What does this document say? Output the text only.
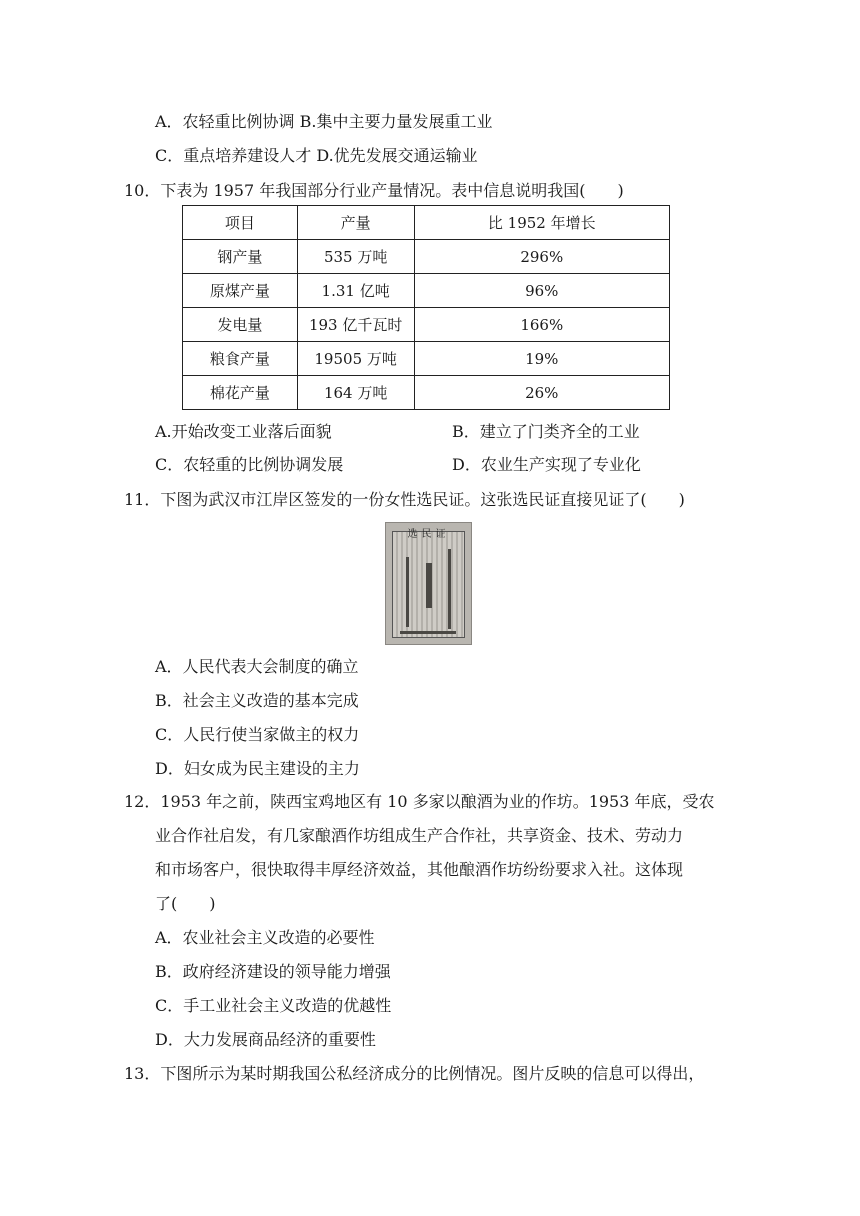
A．农轻重比例协调 B.集中主要力量发展重工业
C．重点培养建设人才 D.优先发展交通运输业
10．下表为 1957 年我国部分行业产量情况。表中信息说明我国(　　)
项目	产量	比 1952 年增长
钢产量	535 万吨	296%
原煤产量	1.31 亿吨	96%
发电量	193 亿千瓦时	166%
粮食产量	19505 万吨	19%
棉花产量	164 万吨	26%
A.开始改变工业落后面貌	B．建立了门类齐全的工业
C．农轻重的比例协调发展	D．农业生产实现了专业化
11．下图为武汉市江岸区签发的一份女性选民证。这张选民证直接见证了(　　)
选民证
A．人民代表大会制度的确立
B．社会主义改造的基本完成
C．人民行使当家做主的权力
D．妇女成为民主建设的主力
12．1953 年之前，陕西宝鸡地区有 10 多家以酿酒为业的作坊。1953 年底，受农
业合作社启发，有几家酿酒作坊组成生产合作社，共享资金、技术、劳动力
和市场客户，很快取得丰厚经济效益，其他酿酒作坊纷纷要求入社。这体现
了(　　)
A．农业社会主义改造的必要性
B．政府经济建设的领导能力增强
C．手工业社会主义改造的优越性
D．大力发展商品经济的重要性
13．下图所示为某时期我国公私经济成分的比例情况。图片反映的信息可以得出，
